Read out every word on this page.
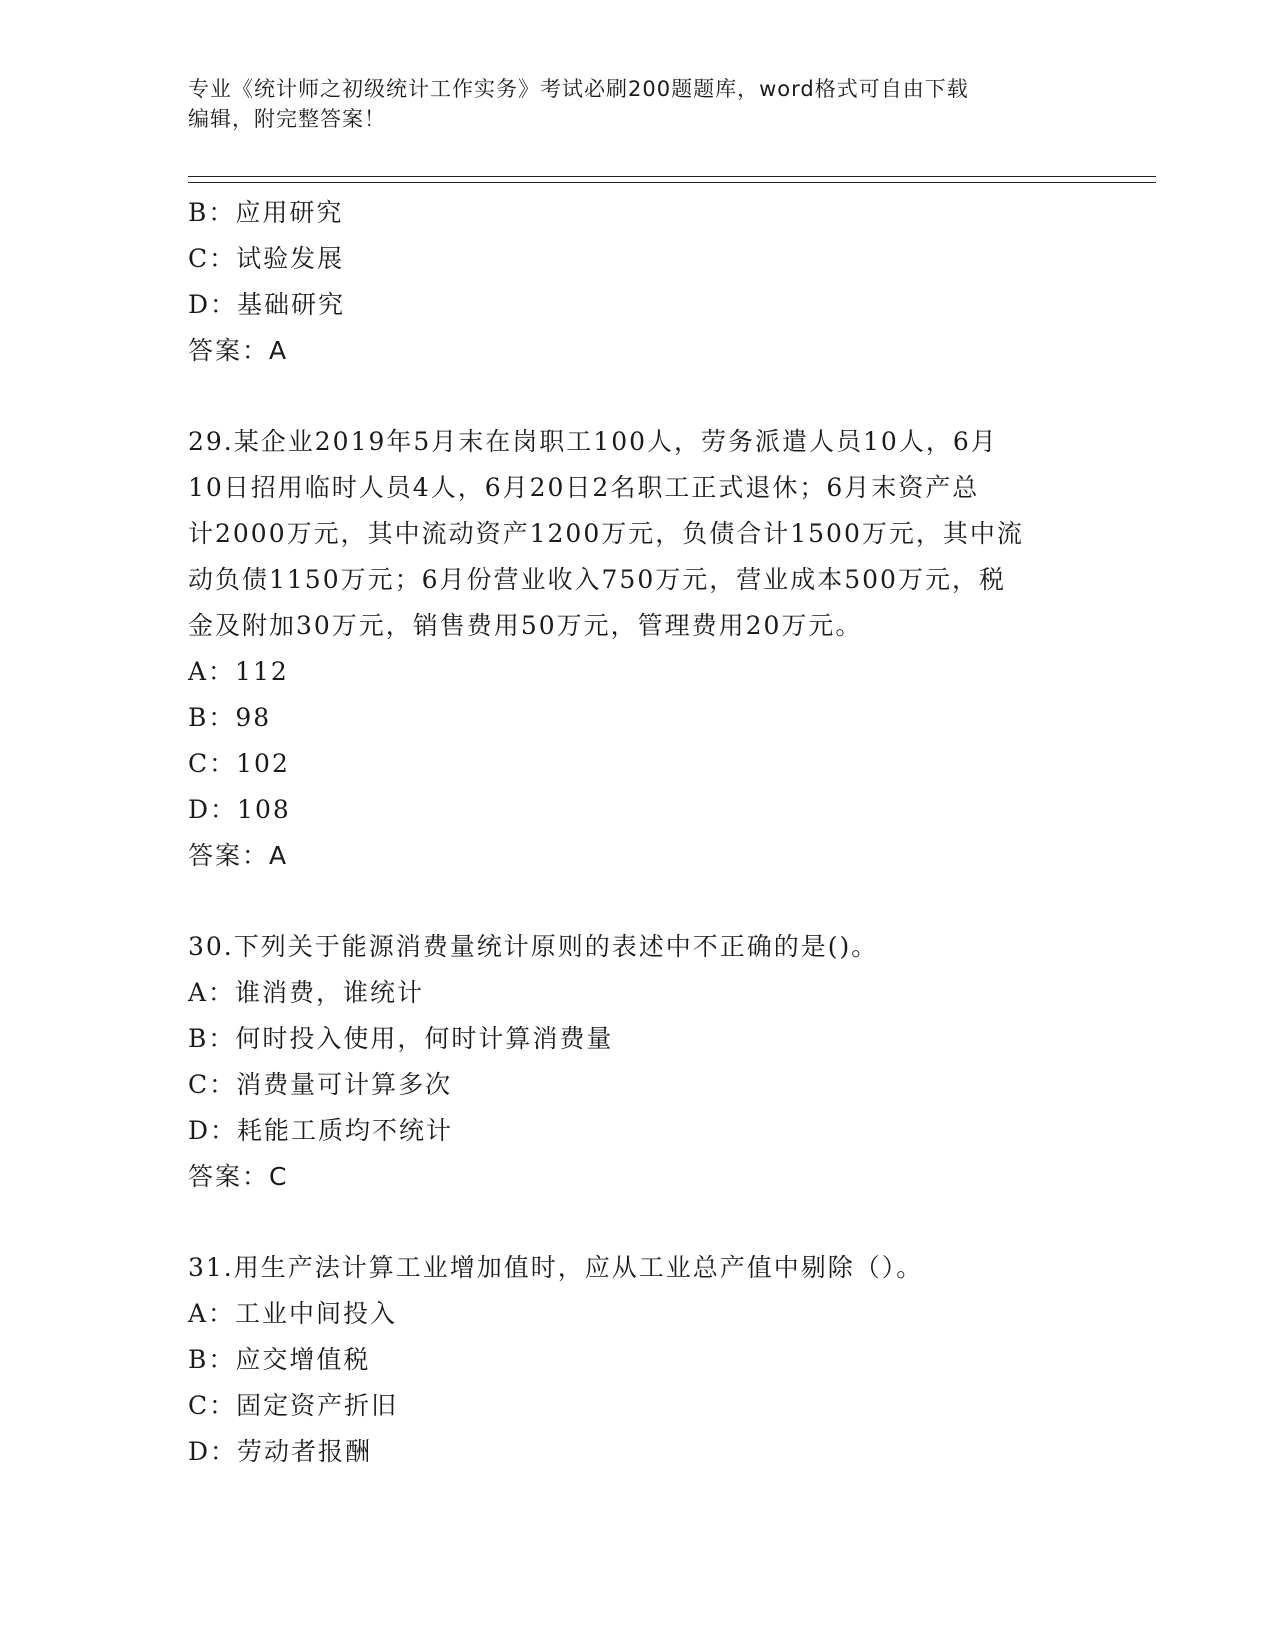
专业《统计师之初级统计工作实务》考试必刷200题题库，word格式可自由下载
编辑，附完整答案！
B：应用研究
C：试验发展
D：基础研究
答案：A
29.某企业2019年5月末在岗职工100人，劳务派遣人员10人，6月
10日招用临时人员4人，6月20日2名职工正式退休；6月末资产总
计2000万元，其中流动资产1200万元，负债合计1500万元，其中流
动负债1150万元；6月份营业收入750万元，营业成本500万元，税
金及附加30万元，销售费用50万元，管理费用20万元。
A：112
B：98
C：102
D：108
答案：A
30.下列关于能源消费量统计原则的表述中不正确的是()。
A：谁消费，谁统计
B：何时投入使用，何时计算消费量
C：消费量可计算多次
D：耗能工质均不统计
答案：C
31.用生产法计算工业增加值时，应从工业总产值中剔除（）。
A：工业中间投入
B：应交增值税
C：固定资产折旧
D：劳动者报酬
